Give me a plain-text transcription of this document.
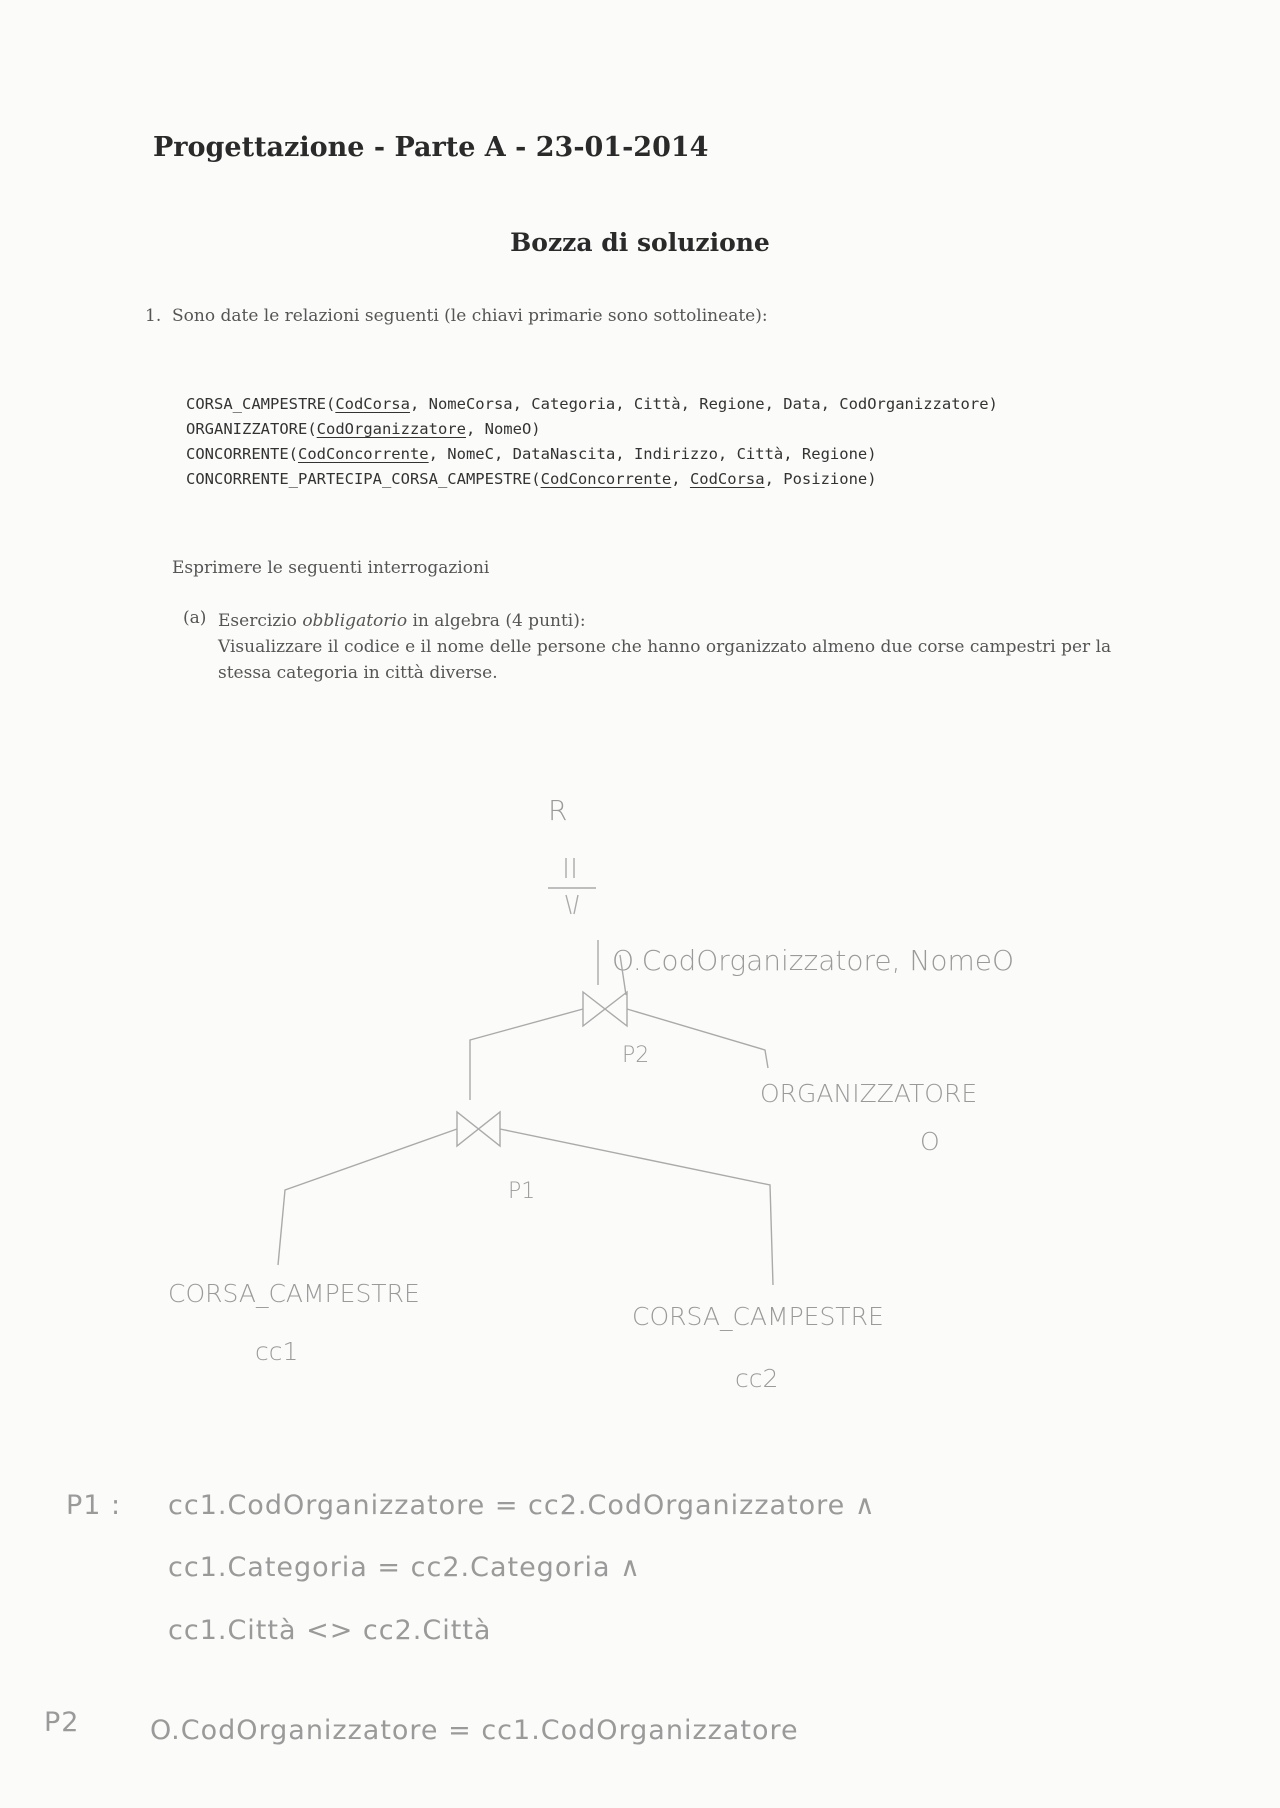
Progettazione - Parte A - 23-01-2014
Bozza di soluzione
1. Sono date le relazioni seguenti (le chiavi primarie sono sottolineate):
CORSA_CAMPESTRE(CodCorsa, NomeCorsa, Categoria, Città, Regione, Data, CodOrganizzatore)
ORGANIZZATORE(CodOrganizzatore, NomeO)
CONCORRENTE(CodConcorrente, NomeC, DataNascita, Indirizzo, Città, Regione)
CONCORRENTE_PARTECIPA_CORSA_CAMPESTRE(CodConcorrente, CodCorsa, Posizione)
Esprimere le seguenti interrogazioni
(a) Esercizio obbligatorio in algebra (4 punti):
Visualizzare il codice e il nome delle persone che hanno organizzato almeno due corse campestri per la stessa categoria in città diverse.
R
O.CodOrganizzatore, NomeO
P2
ORGANIZZATORE
O
P1
CORSA_CAMPESTRE
cc1
CORSA_CAMPESTRE
cc2
P1 : cc1.CodOrganizzatore = cc2.CodOrganizzatore ∧
cc1.Categoria = cc2.Categoria ∧
cc1.Città <> cc2.Città
P2	O.CodOrganizzatore = cc1.CodOrganizzatore
